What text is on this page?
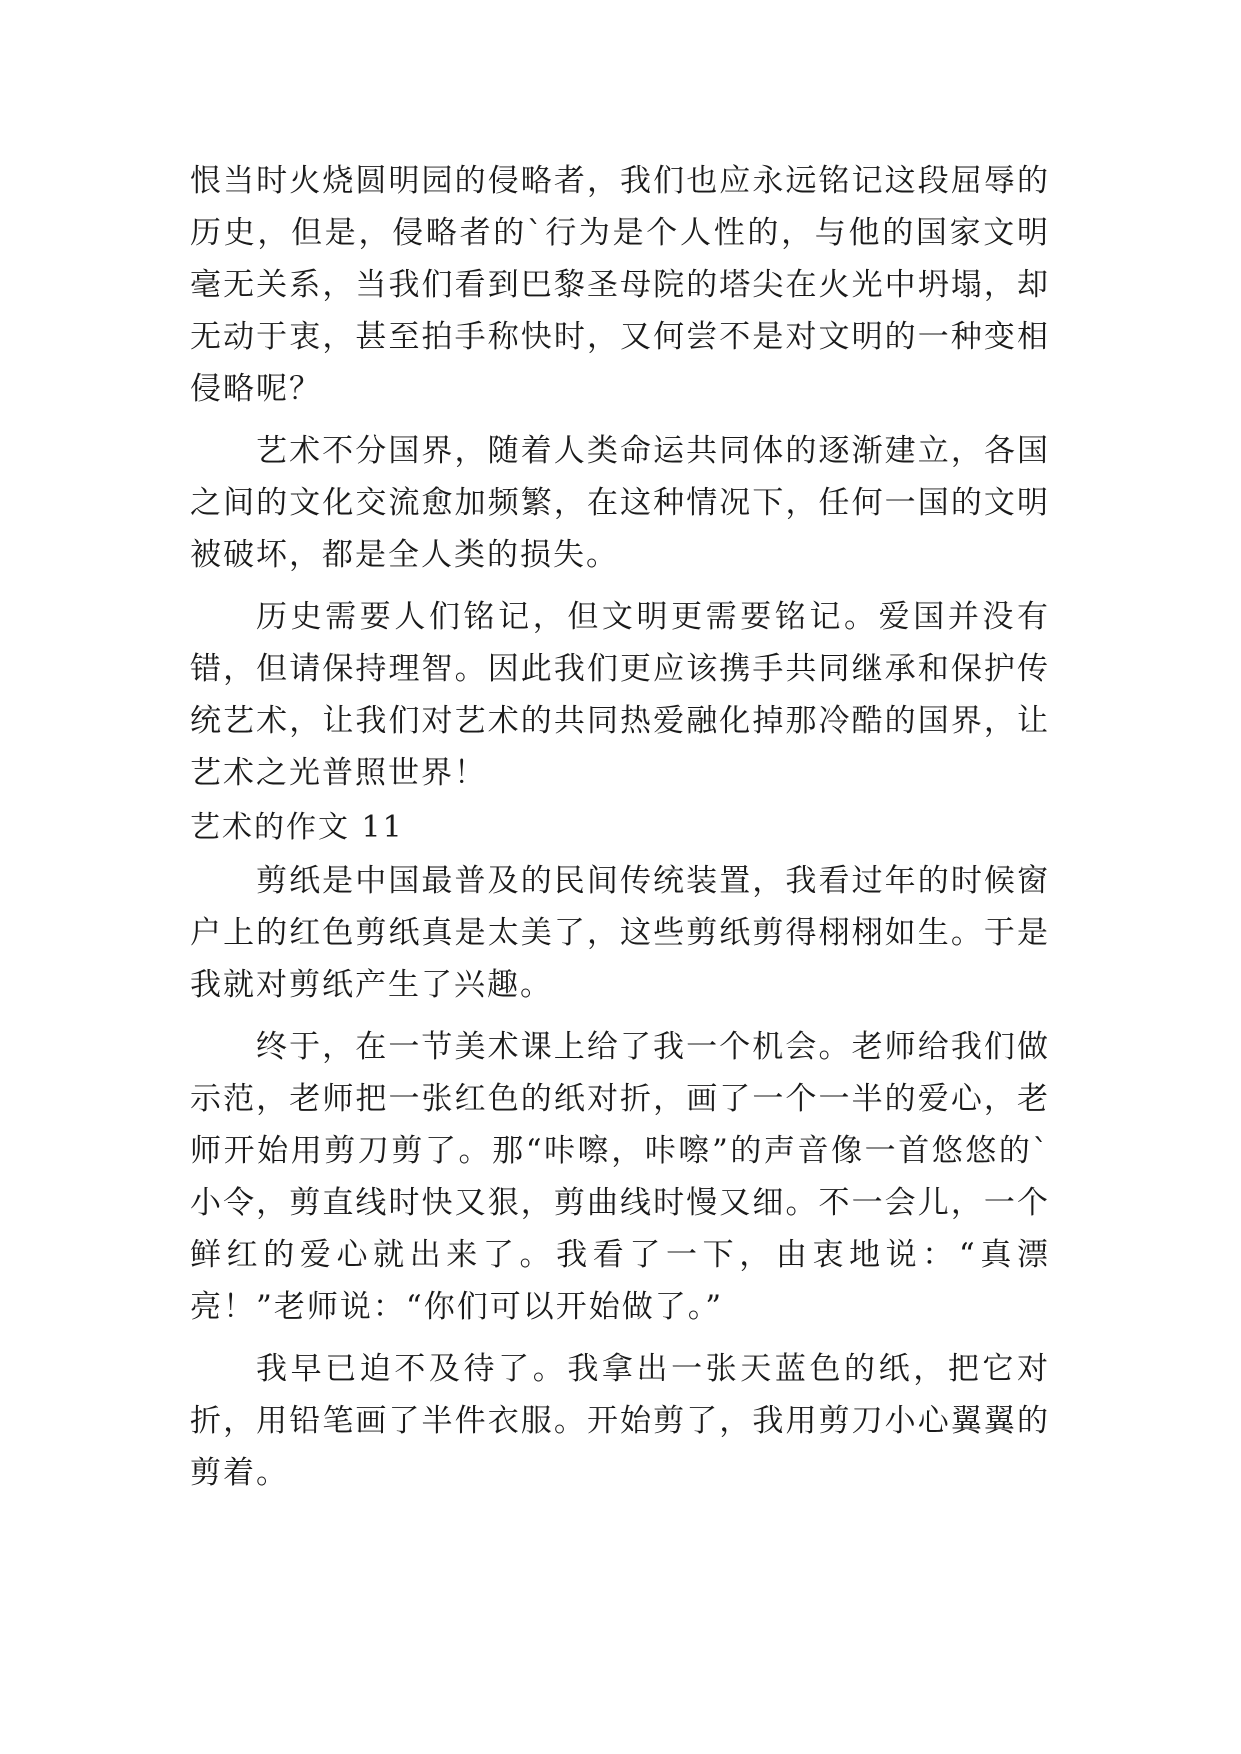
恨当时火烧圆明园的侵略者，我们也应永远铭记这段屈辱的历史，但是，侵略者的`行为是个人性的，与他的国家文明毫无关系，当我们看到巴黎圣母院的塔尖在火光中坍塌，却无动于衷，甚至拍手称快时，又何尝不是对文明的一种变相侵略呢？

艺术不分国界，随着人类命运共同体的逐渐建立，各国之间的文化交流愈加频繁，在这种情况下，任何一国的文明被破坏，都是全人类的损失。

历史需要人们铭记，但文明更需要铭记。爱国并没有错，但请保持理智。因此我们更应该携手共同继承和保护传统艺术，让我们对艺术的共同热爱融化掉那冷酷的国界，让艺术之光普照世界！

艺术的作文 11

剪纸是中国最普及的民间传统装置，我看过年的时候窗户上的红色剪纸真是太美了，这些剪纸剪得栩栩如生。于是我就对剪纸产生了兴趣。

终于，在一节美术课上给了我一个机会。老师给我们做示范，老师把一张红色的纸对折，画了一个一半的爱心，老师开始用剪刀剪了。那“咔嚓，咔嚓”的声音像一首悠悠的`小令，剪直线时快又狠，剪曲线时慢又细。不一会儿，一个鲜红的爱心就出来了。我看了一下，由衷地说：“真漂亮！”老师说：“你们可以开始做了。”

我早已迫不及待了。我拿出一张天蓝色的纸，把它对折，用铅笔画了半件衣服。开始剪了，我用剪刀小心翼翼的剪着。
